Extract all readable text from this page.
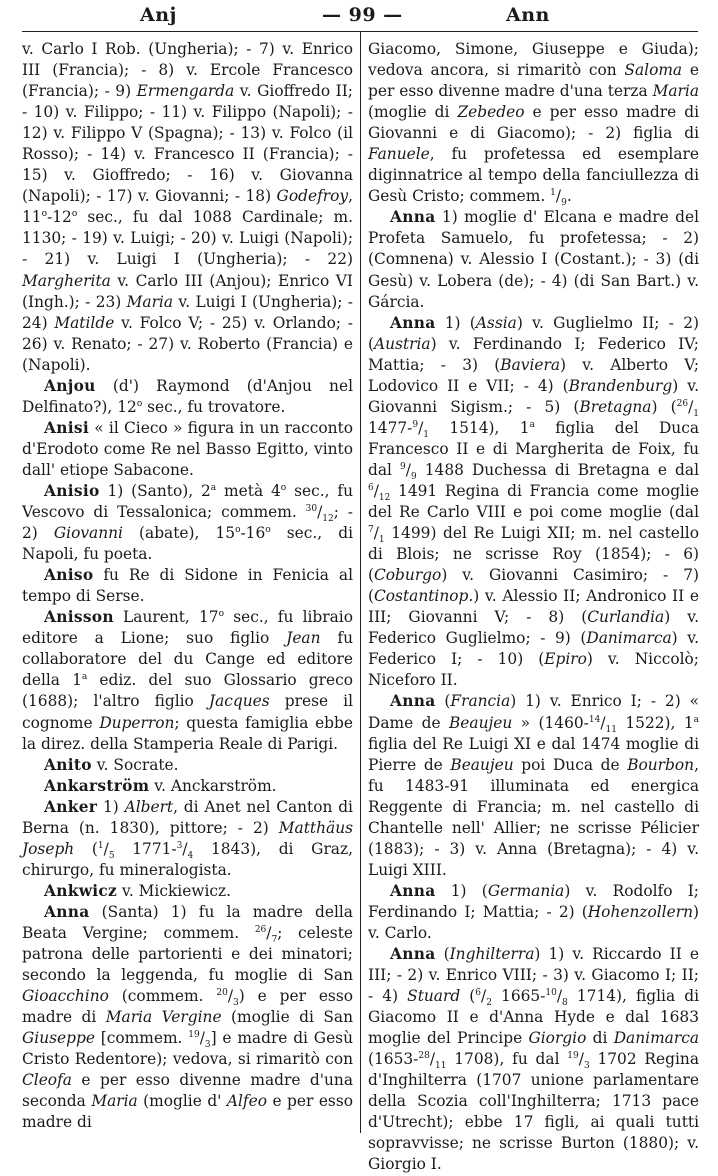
Anj	— 99 —	Ann

v. Carlo I Rob. (Ungheria); - 7) v. Enrico III (Francia); - 8) v. Ercole Francesco (Francia); - 9) Ermengarda v. Gioffredo II; - 10) v. Filippo; - 11) v. Filippo (Napoli); - 12) v. Filippo V (Spagna); - 13) v. Folco (il Rosso); - 14) v. Francesco II (Francia); - 15) v. Gioffredo; - 16) v. Giovanna (Napoli); - 17) v. Giovanni; - 18) Godefroy, 11$^o$-12$^o$ sec., fu dal 1088 Cardinale; m. 1130; - 19) v. Luigi; - 20) v. Luigi (Napoli); - 21) v. Luigi I (Ungheria); - 22) Margherita v. Carlo III (Anjou); Enrico VI (Ingh.); - 23) Maria v. Luigi I (Ungheria); - 24) Matilde v. Folco V; - 25) v. Orlando; - 26) v. Renato; - 27) v. Roberto (Francia) e (Napoli).

Anjou (d') Raymond (d'Anjou nel Delfinato?), 12$^o$ sec., fu trovatore.

Anisi « il Cieco » figura in un racconto d'Erodoto come Re nel Basso Egitto, vinto dall' etiope Sabacone.

Anisio 1) (Santo), 2$^a$ metà 4$^o$ sec., fu Vescovo di Tessalonica; commem. $^{30}/_{12}$; - 2) Giovanni (abate), 15$^o$-16$^o$ sec., di Napoli, fu poeta.

Aniso fu Re di Sidone in Fenicia al tempo di Serse.

Anisson Laurent, 17$^o$ sec., fu libraio editore a Lione; suo figlio Jean fu collaboratore del du Cange ed editore della 1$^a$ ediz. del suo Glossario greco (1688); l'altro figlio Jacques prese il cognome Duperron; questa famiglia ebbe la direz. della Stamperia Reale di Parigi.

Anito v. Socrate.

Ankarström v. Anckarström.

Anker 1) Albert, di Anet nel Canton di Berna (n. 1830), pittore; - 2) Matthäus Joseph ($^1/_5$ $1771-^3/_4$ 1843), di Graz, chirurgo, fu mineralogista.

Ankwicz v. Mickiewicz.

Anna (Santa) 1) fu la madre della Beata Vergine; commem. $^{26}/_7$; celeste patrona delle partorienti e dei minatori; secondo la leggenda, fu moglie di San Gioacchino (commem. $^{20}/_3$) e per esso madre di Maria Vergine (moglie di San Giuseppe [commem. $^{19}/_3$] e madre di Gesù Cristo Redentore); vedova, si rimaritò con Cleofa e per esso divenne madre d'una seconda Maria (moglie d' Alfeo e per esso madre di

Giacomo, Simone, Giuseppe e Giuda); vedova ancora, si rimaritò con Saloma e per esso divenne madre d'una terza Maria (moglie di Zebedeo e per esso madre di Giovanni e di Giacomo); - 2) figlia di Fanuele, fu profetessa ed esemplare diginnatrice al tempo della fanciullezza di Gesù Cristo; commem. $^1/_9$.

Anna 1) moglie d' Elcana e madre del Profeta Samuelo, fu profetessa; - 2) (Comnena) v. Alessio I (Costant.); - 3) (di Gesù) v. Lobera (de); - 4) (di San Bart.) v. Gárcia.

Anna 1) (Assia) v. Guglielmo II; - 2) (Austria) v. Ferdinando I; Federico IV; Mattia; - 3) (Baviera) v. Alberto V; Lodovico II e VII; - 4) (Brandenburg) v. Giovanni Sigism.; - 5) (Bretagna) ($^{26}/_1$ $1477-^9/_1$ 1514), 1$^a$ figlia del Duca Francesco II e di Margherita de Foix, fu dal $^9/_9$ 1488 Duchessa di Bretagna e dal $^6/_{12}$ 1491 Regina di Francia come moglie del Re Carlo VIII e poi come moglie (dal $^7/_1$ 1499) del Re Luigi XII; m. nel castello di Blois; ne scrisse Roy (1854); - 6) (Coburgo) v. Giovanni Casimiro; - 7) (Costantinop.) v. Alessio II; Andronico II e III; Giovanni V; - 8) (Curlandia) v. Federico Guglielmo; - 9) (Danimarca) v. Federico I; - 10) (Epiro) v. Niccolò; Niceforo II.

Anna (Francia) 1) v. Enrico I; - 2) « Dame de Beaujeu » ($1460-^{14}/_{11}$ 1522), 1$^a$ figlia del Re Luigi XI e dal 1474 moglie di Pierre de Beaujeu poi Duca de Bourbon, fu 1483-91 illuminata ed energica Reggente di Francia; m. nel castello di Chantelle nell' Allier; ne scrisse Pélicier (1883); - 3) v. Anna (Bretagna); - 4) v. Luigi XIII.

Anna 1) (Germania) v. Rodolfo I; Ferdinando I; Mattia; - 2) (Hohenzollern) v. Carlo.

Anna (Inghilterra) 1) v. Riccardo II e III; - 2) v. Enrico VIII; - 3) v. Giacomo I; II; - 4) Stuard ($^6/_2$ $1665-^{10}/_8$ 1714), figlia di Giacomo II e d'Anna Hyde e dal 1683 moglie del Principe Giorgio di Danimarca ($1653-^{28}/_{11}$ 1708), fu dal $^{19}/_3$ 1702 Regina d'Inghilterra (1707 unione parlamentare della Scozia coll'Inghilterra; 1713 pace d'Utrecht); ebbe 17 figli, ai quali tutti sopravvisse; ne scrisse Burton (1880); v. Giorgio I.
